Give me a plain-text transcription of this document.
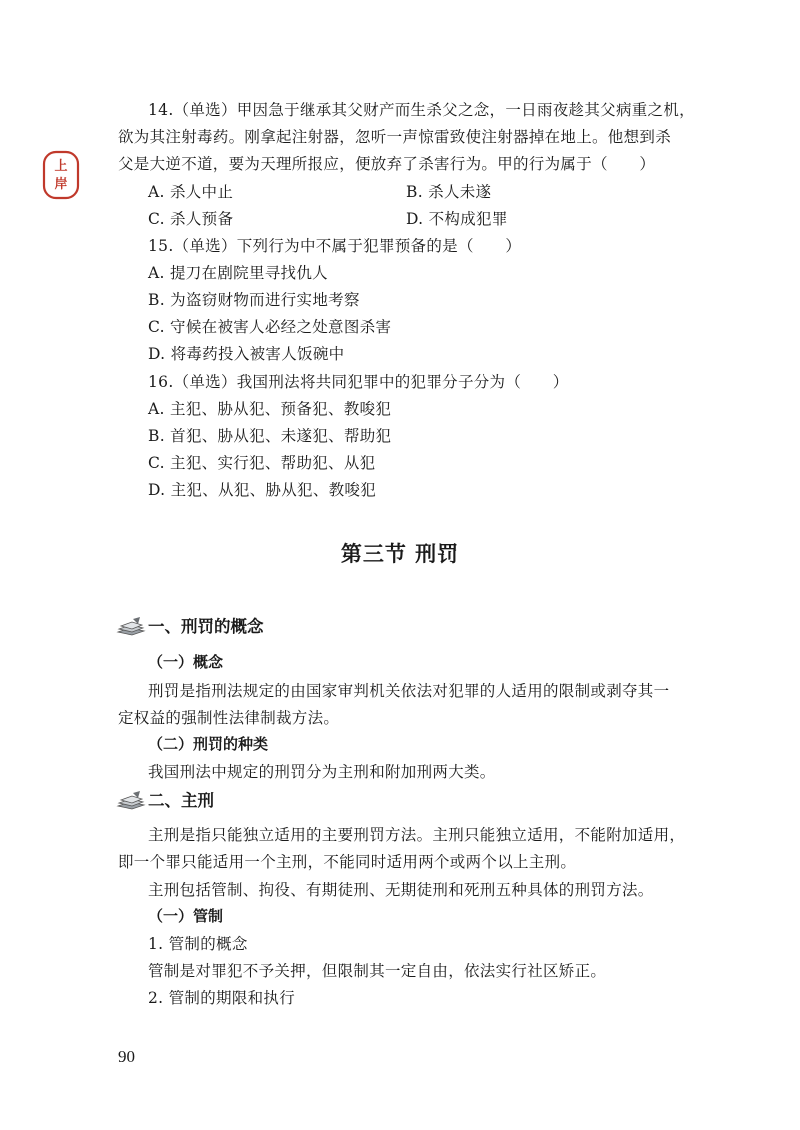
上
岸
14.（单选）甲因急于继承其父财产而生杀父之念，一日雨夜趁其父病重之机，
欲为其注射毒药。刚拿起注射器，忽听一声惊雷致使注射器掉在地上。他想到杀
父是大逆不道，要为天理所报应，便放弃了杀害行为。甲的行为属于（　　）
A. 杀人中止	B. 杀人未遂
C. 杀人预备	D. 不构成犯罪
15.（单选）下列行为中不属于犯罪预备的是（　　）
A. 提刀在剧院里寻找仇人
B. 为盗窃财物而进行实地考察
C. 守候在被害人必经之处意图杀害
D. 将毒药投入被害人饭碗中
16.（单选）我国刑法将共同犯罪中的犯罪分子分为（　　）
A. 主犯、胁从犯、预备犯、教唆犯
B. 首犯、胁从犯、未遂犯、帮助犯
C. 主犯、实行犯、帮助犯、从犯
D. 主犯、从犯、胁从犯、教唆犯
第三节 刑罚
一、刑罚的概念
（一）概念
刑罚是指刑法规定的由国家审判机关依法对犯罪的人适用的限制或剥夺其一
定权益的强制性法律制裁方法。
（二）刑罚的种类
我国刑法中规定的刑罚分为主刑和附加刑两大类。
二、主刑
主刑是指只能独立适用的主要刑罚方法。主刑只能独立适用，不能附加适用，
即一个罪只能适用一个主刑，不能同时适用两个或两个以上主刑。
主刑包括管制、拘役、有期徒刑、无期徒刑和死刑五种具体的刑罚方法。
（一）管制
1. 管制的概念
管制是对罪犯不予关押，但限制其一定自由，依法实行社区矫正。
2. 管制的期限和执行
90
